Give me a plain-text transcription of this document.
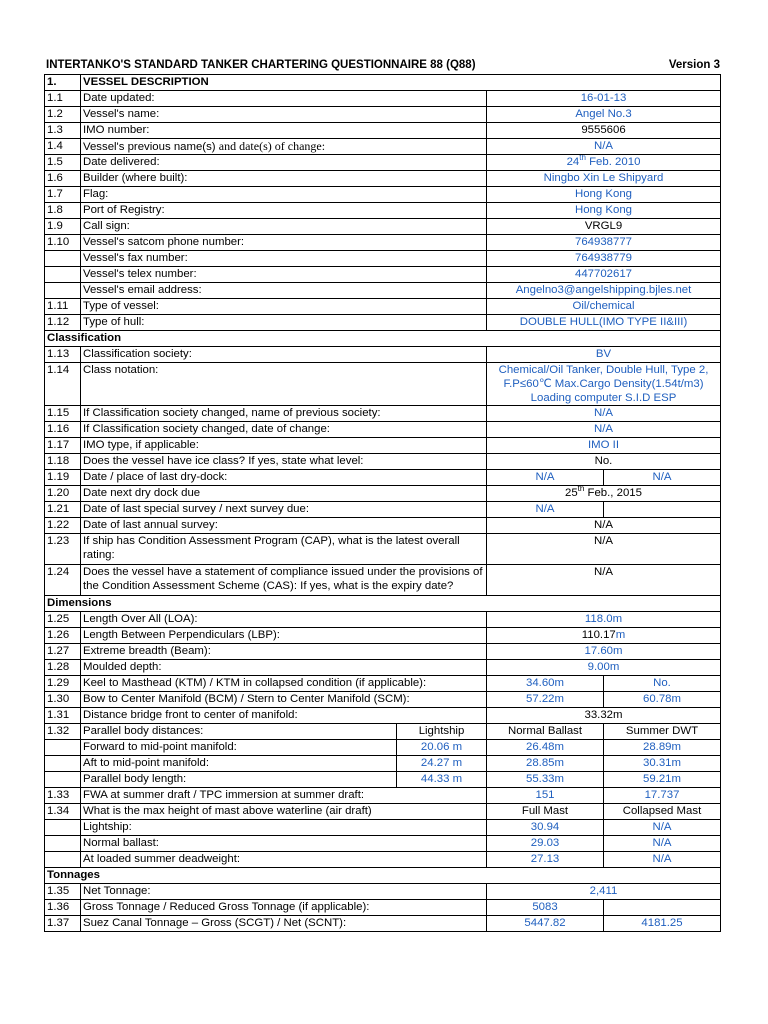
INTERTANKO'S STANDARD TANKER CHARTERING QUESTIONNAIRE 88 (Q88)	Version 3
1.	VESSEL DESCRIPTION			
1.1	Date updated:		16-01-13	
1.2	Vessel's name:		Angel No.3	
1.3	IMO number:		9555606	
1.4	Vessel's previous name(s) and date(s) of change:		N/A	
1.5	Date delivered:		24th Feb. 2010	
1.6	Builder (where built):		Ningbo Xin Le Shipyard	
1.7	Flag:		Hong Kong	
1.8	Port of Registry:		Hong Kong	
1.9	Call sign:		VRGL9	
1.10	Vessel's satcom phone number:		764938777	
	Vessel's fax number:		764938779	
	Vessel's telex number:		447702617	
	Vessel's email address:		Angelno3@angelshipping.bjles.net	
1.11	Type of vessel:		Oil/chemical	
1.12	Type of hull:		DOUBLE HULL(IMO TYPE II&III)	
Classification				
1.13	Classification society:		BV	
1.14	Class notation:		Chemical/Oil Tanker, Double Hull, Type 2,
F.P≤60℃ Max.Cargo Density(1.54t/m3)
Loading computer S.I.D ESP	

1.15	If Classification society changed, name of previous society:		N/A	
1.16	If Classification society changed, date of change:		N/A	
1.17	IMO type, if applicable:		IMO II	
1.18	Does the vessel have ice class? If yes, state what level:		No.	
1.19	Date / place of last dry-dock:		N/A	N/A
1.20	Date next dry dock due		25th Feb., 2015	
1.21	Date of last special survey / next survey due:		N/A	
1.22	Date of last annual survey:		N/A	
1.23	If ship has Condition Assessment Program (CAP), what is the latest overall rating:		N/A	
1.24	Does the vessel have a statement of compliance issued under the provisions of the Condition Assessment Scheme (CAS): If yes, what is the expiry date?		N/A	
Dimensions				
1.25	Length Over All (LOA):		118.0m	
1.26	Length Between Perpendiculars (LBP):		110.17m	
1.27	Extreme breadth (Beam):		17.60m	
1.28	Moulded depth:		9.00m	
1.29	Keel to Masthead (KTM) / KTM in collapsed condition (if applicable):		34.60m	No.
1.30	Bow to Center Manifold (BCM) / Stern to Center Manifold (SCM):		57.22m	60.78m
1.31	Distance bridge front to center of manifold:		33.32m	
1.32	Parallel body distances:	Lightship	Normal Ballast	Summer DWT
	Forward to mid-point manifold:	20.06 m	26.48m	28.89m
	Aft to mid-point manifold:	24.27 m	28.85m	30.31m
	Parallel body length:	44.33 m	55.33m	59.21m
1.33	FWA at summer draft / TPC immersion at summer draft:		151	17.737
1.34	What is the max height of mast above waterline (air draft)		Full Mast	Collapsed Mast
	Lightship:		30.94	N/A
	Normal ballast:		29.03	N/A
	At loaded summer deadweight:		27.13	N/A
Tonnages				
1.35	Net Tonnage:		2,411	
1.36	Gross Tonnage / Reduced Gross Tonnage (if applicable):		5083	
1.37	Suez Canal Tonnage – Gross (SCGT) / Net (SCNT):		5447.82	4181.25
